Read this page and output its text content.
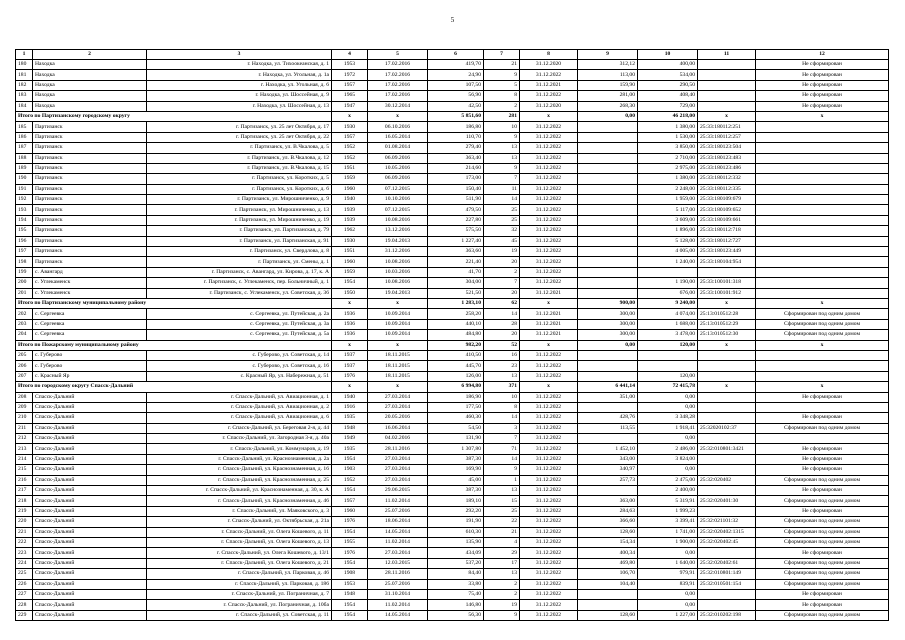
5
1	2	3	4	5	6	7	8	9	10	11	12
180	Находка	г. Находка, ул. Тихоокеанская, д. 1	1953	17.02.2016	419,70	21	31.12.2020	312,12	400,00		Не сформирован
181	Находка	г. Находка, ул. Угольная, д. 1а	1972	17.02.2016	24,90	9	31.12.2022	113,00	534,00		Не сформирован
182	Находка	г. Находка, ул. Угольная, д. 6	1957	17.02.2016	107,50	5	31.12.2021	159,90	290,50		Не сформирован
183	Находка	г. Находка, ул. Шоссейная, д. 9	1965	17.02.2016	56,90	8	31.12.2022	281,00	408,40		Не сформирован
184	Находка	г. Находка, ул. Шоссейная, д. 13	1947	30.12.2014	42,50	2	31.12.2020	268,30	729,00		Не сформирован
Итого по Партизанскому городскому округу			x	x	5 851,60	281	x	0,00	46 218,00	x	x
185	Партизанск	г. Партизанск, ул. 25 лет Октября, д. 17	1930	06.10.2016	186,80	10	31.12.2022		1 380,00	25:33:180112:251	
186	Партизанск	г. Партизанск, ул. 25 лет Октября, д. 22	1957	16.05.2014	110,70	9	31.12.2022		1 530,00	25:33:180112:257	
187	Партизанск	г. Партизанск, ул. В.Чкалова, д. 5	1952	01.08.2014	279,40	13	31.12.2022		3 850,00	25:33:180123:504	
188	Партизанск	г. Партизанск, ул. В.Чкалова, д. 12	1952	06.09.2016	363,40	13	31.12.2022		2 710,00	25:33:180123:483	
189	Партизанск	г. Партизанск, ул. В.Чкалова, д. 15	1951	10.05.2016	214,60	9	31.12.2022		2 975,00	25:33:180123:486	
190	Партизанск	г. Партизанск, ул. Коротких, д. 5	1959	06.09.2016	173,00	7	31.12.2022		1 380,00	25:33:180112:332	
191	Партизанск	г. Партизанск, ул. Коротких, д. 6	1960	07.12.2015	150,40	11	31.12.2022		2 248,00	25:33:180112:335	
192	Партизанск	г. Партизанск, ул. Мирошниченко, д. 9	1940	10.10.2016	511,90	14	31.12.2022		1 959,00	25:33:180109:679	
193	Партизанск	г. Партизанск, ул. Мирошниченко, д. 13	1939	07.12.2015	479,50	25	31.12.2022		5 117,00	25:33:180109:652	
194	Партизанск	г. Партизанск, ул. Мирошниченко, д. 19	1939	10.08.2016	227,80	25	31.12.2022		3 609,00	25:33:180109:661	
195	Партизанск	г. Партизанск, ул. Партизанская, д. 79	1962	13.12.2016	575,50	32	31.12.2022		1 896,00	25:33:180112:718	
196	Партизанск	г. Партизанск, ул. Партизанская, д. 91	1930	19.04.2013	1 227,40	45	31.12.2022		5 128,00	25:33:180112:727	
197	Партизанск	г. Партизанск, ул. Свердлова, д. 8	1951	31.12.2016	363,60	19	31.12.2022		4 005,00	25:33:180123:449	
198	Партизанск	г. Партизанск, ул. Смены, д. 1	1960	10.08.2016	221,40	20	31.12.2022		1 240,00	25:33:180104:954	
199	с. Авангард	г. Партизанск, с. Авангард, ул. Кирова, д. 17, к. А	1959	10.03.2016	41,70	2	31.12.2022				
200	с. Углекаменск	г. Партизанск, с. Углекаменск, пер. Больничный, д. 1	1954	10.08.2016	304,00	7	31.12.2022		1 190,00	25:33:100101:318	
201	с. Углекаменск	г. Партизанск, с. Углекаменск, ул. Советская, д. 36	1950	19.04.2013	521,50	20	31.12.2021		676,00	25:33:100101:912	
Итого по Партизанскому муниципальному району			x	x	1 283,10	62	x	900,00	9 240,00	x	x
202	с. Сергеевка	с. Сергеевка, ул. Путейская, д. 2а	1936	10.09.2014	258,20	14	31.12.2021	300,00	4 074,00	25:13:010512:28	Сформирован под одним домом
203	с. Сергеевка	с. Сергеевка, ул. Путейская, д. 3а	1936	10.09.2014	440,10	28	31.12.2021	300,00	1 688,00	25:13:010512:29	Сформирован под одним домом
204	с. Сергеевка	с. Сергеевка, ул. Путейская, д. 5а	1936	10.09.2014	484,80	20	31.12.2021	300,00	3 478,00	25:13:010512:30	Сформирован под одним домом
Итого по Пожарскому муниципальному району			x	x	982,20	52	x	0,00	120,00	x	x
205	с. Губерово	с. Губерово, ул. Советская, д. 14	1937	18.11.2015	410,50	16	31.12.2022				
206	с. Губерово	с. Губерово, ул. Советская, д. 16	1937	18.11.2015	445,70	23	31.12.2022				
207	с. Красный Яр	с. Красный Яр, ул. Набережная, д. 51	1976	18.11.2015	126,00	13	31.12.2022		120,00		
Итого по городскому округу Спасск-Дальний			x	x	6 994,80	371	x	6 441,14	72 415,78	x	x
208	Спасск-Дальний	г. Спасск-Дальний, ул. Авиационная, д. 1	1940	27.03.2014	186,90	10	31.12.2022	351,00	0,00		Не сформирован
209	Спасск-Дальний	г. Спасск-Дальний, ул. Авиационная, д. 2	1916	27.03.2014	177,50	8	31.12.2022		0,00		
210	Спасск-Дальний	г. Спасск-Дальний, ул. Авиационная, д. 6	1935	20.05.2016	460,30	14	31.12.2022	428,76	3 348,28		Не сформирован
211	Спасск-Дальний	г. Спасск-Дальний, ул. Береговая 2-я, д. 44	1948	16.06.2014	54,50	3	31.12.2022	113,55	1 918,41	25:32020102:37	Сформирован под одним домом
212	Спасск-Дальний	г. Спасск-Дальний, ул. Загородная 3-я, д. 40а	1949	04.02.2016	131,90	7	31.12.2022		0,00		
213	Спасск-Дальний	г. Спасск-Дальний, ул. Коммунаров, д. 19	1935	28.11.2016	1 307,80	71	31.12.2022	1 452,10	2 486,00	25:32:010801:3421	Не сформирован
214	Спасск-Дальний	г. Спасск-Дальний, ул. Краснознаменная, д. 2а	1954	27.03.2014	387,30	14	31.12.2022	343,00	3 824,00		Не сформирован
215	Спасск-Дальний	г. Спасск-Дальний, ул. Краснознаменная, д. 16	1903	27.03.2014	169,90	9	31.12.2022	340,97	0,00		Не сформирован
216	Спасск-Дальний	г. Спасск-Дальний, ул. Краснознаменная, д. 25	1952	27.03.2014	45,00	1	31.12.2022	257,73	2 475,00	25:32:020402	Сформирован под одним домом
217	Спасск-Дальний	г. Спасск-Дальний, ул. Краснознаменная, д. 30, к. А	1954	29.06.2015	387,30	13	31.12.2022		2 400,00		Не сформирован
218	Спасск-Дальний	г. Спасск-Дальний, ул. Краснознаменная, д. 46	1957	11.02.2014	189,10	15	31.12.2022	363,00	5 319,91	25:32:020401:30	Сформирован под одним домом
219	Спасск-Дальний	г. Спасск-Дальний, ул. Маяковского, д. 3	1960	25.07.2016	292,20	25	31.12.2022	284,63	1 999,23		Не сформирован
220	Спасск-Дальний	г. Спасск-Дальний, ул. Октябрьская, д. 21а	1976	18.06.2014	191,90	22	31.12.2022	366,60	3 399,41	25:32:021101:32	Сформирован под одним домом
221	Спасск-Дальний	г. Спасск-Дальний, ул. Олега Кошевого, д. 11	1954	14.05.2014	610,30	21	31.12.2022	128,60	1 741,00	25:32:020402:1315	Сформирован под одним домом
222	Спасск-Дальний	г. Спасск-Дальний, ул. Олега Кошевого, д. 13	1955	11.02.2014	135,90	4	31.12.2022	154,34	1 900,00	25:32:020402:45	Сформирован под одним домом
223	Спасск-Дальний	г. Спасск-Дальний, ул. Олега Кошевого, д. 13/1	1976	27.03.2014	434,09	29	31.12.2022	400,34	0,00		Не сформирован
224	Спасск-Дальний	г. Спасск-Дальний, ул. Олега Кошевого, д. 21	1954	12.03.2015	537,20	17	31.12.2022	469,80	1 640,00	25:32:020402:61	Сформирован под одним домом
225	Спасск-Дальний	г. Спасск-Дальний, ул. Парковая, д. 46	1908	28.11.2016	84,40	13	31.12.2022	106,70	979,91	25:32:010801:149	Сформирован под одним домом
226	Спасск-Дальний	г. Спасск-Дальний, ул. Парковая, д. 186	1953	25.07.2016	33,80	2	31.12.2022	104,40	839,91	25:32:010501:154	Сформирован под одним домом
227	Спасск-Дальний	г. Спасск-Дальний, ул. Пограничная, д. 7	1948	31.10.2014	75,40	2	31.12.2022		0,00		Не сформирован
228	Спасск-Дальний	г. Спасск-Дальний, ул. Пограничная, д. 10ба	1954	11.02.2014	146,80	19	31.12.2022		0,00		Не сформирован
229	Спасск-Дальний	г. Спасск-Дальний, ул. Советская, д. 11	1954	14.05.2014	56,30	9	31.12.2022	128,60	1 227,00	25:32:010202:198	Сформирован под одним домом
